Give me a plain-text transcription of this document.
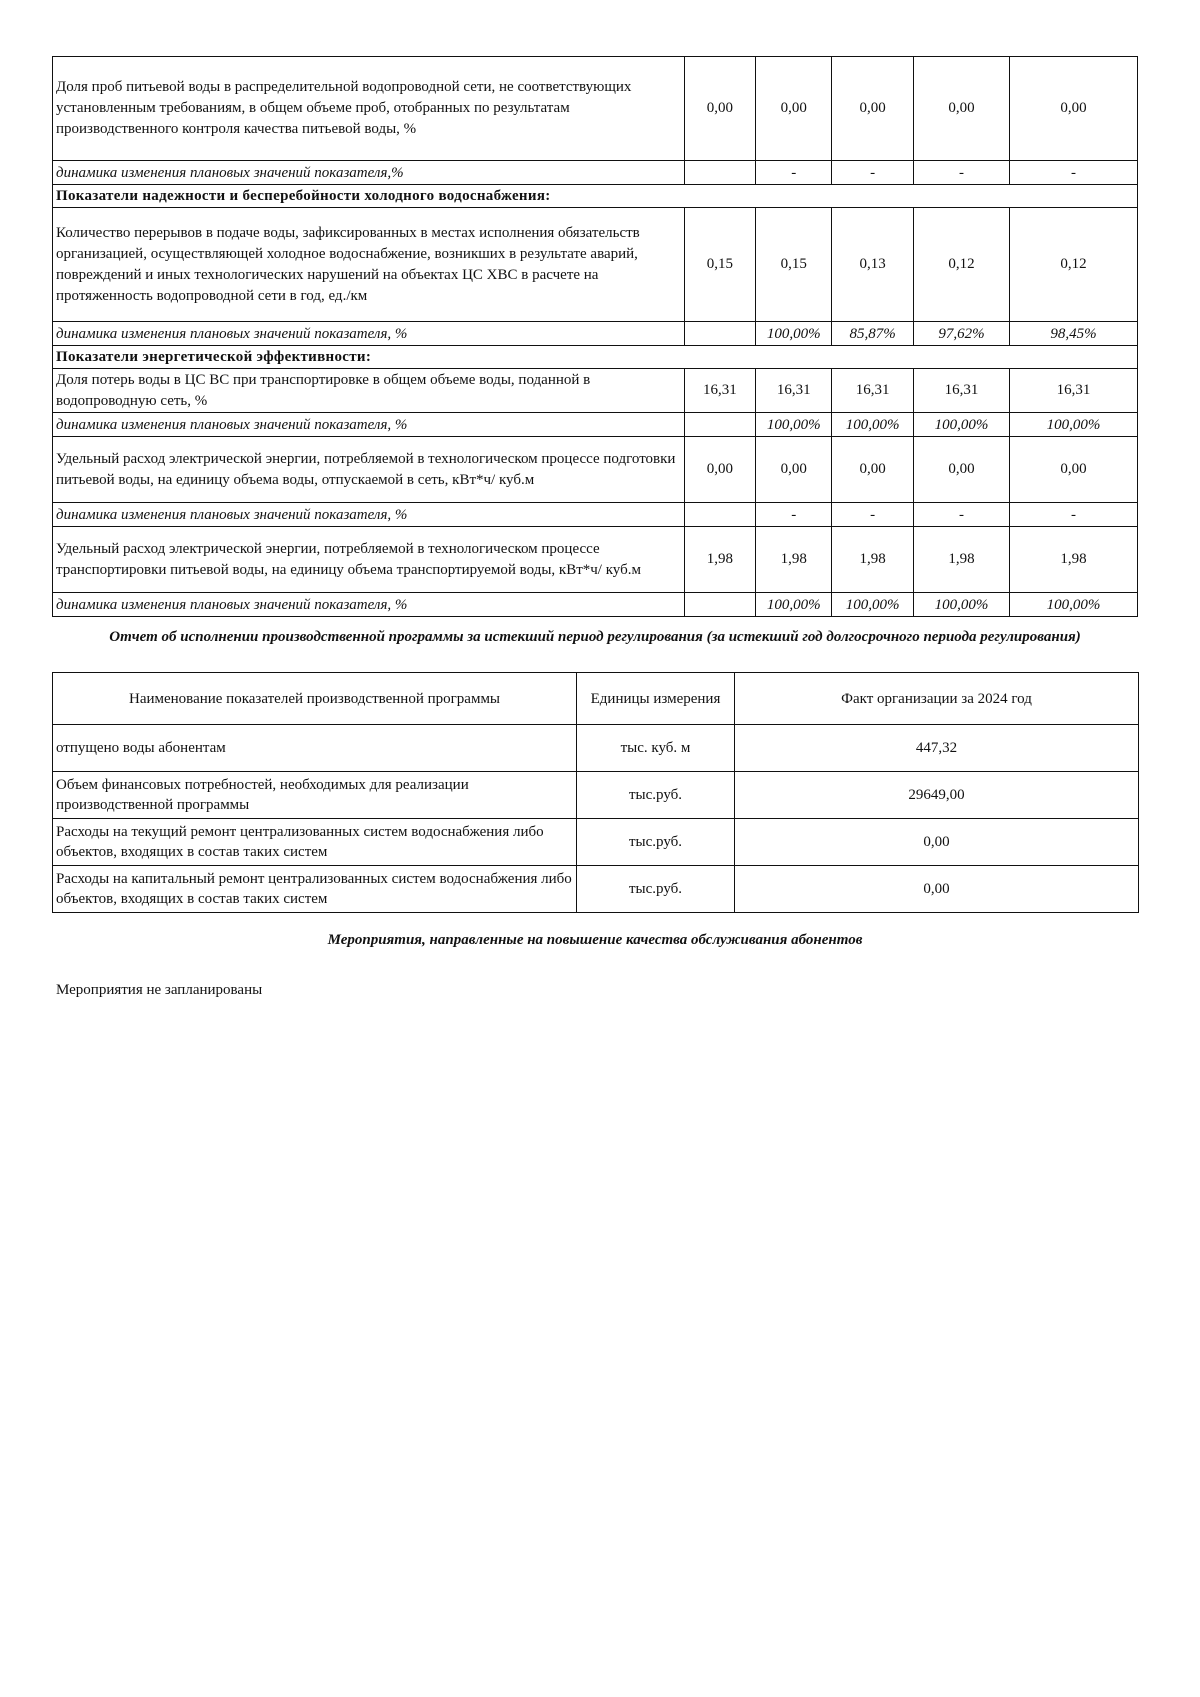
Доля проб питьевой воды в распределительной водопроводной сети, не соответствующих установленным требованиям, в общем объеме проб, отобранных по результатам производственного контроля качества питьевой воды, %	0,00	0,00	0,00	0,00	0,00
динамика изменения плановых значений показателя,%		-	-	-	-
Показатели надежности и бесперебойности холодного водоснабжения:					
Количество перерывов в подаче воды, зафиксированных в местах исполнения обязательств организацией, осуществляющей холодное водоснабжение, возникших в результате аварий, повреждений и иных технологических нарушений на объектах ЦС ХВС в расчете на протяженность водопроводной сети в год, ед./км	0,15	0,15	0,13	0,12	0,12
динамика изменения плановых значений показателя, %		100,00%	85,87%	97,62%	98,45%
Показатели энергетической эффективности:					
Доля потерь воды в ЦС ВС при транспортировке в общем объеме воды, поданной в водопроводную сеть, %	16,31	16,31	16,31	16,31	16,31
динамика изменения плановых значений показателя, %		100,00%	100,00%	100,00%	100,00%
Удельный расход электрической энергии, потребляемой в технологическом процессе подготовки питьевой воды, на единицу объема воды, отпускаемой в сеть, кВт*ч/ куб.м	0,00	0,00	0,00	0,00	0,00
динамика изменения плановых значений показателя, %		-	-	-	-
Удельный расход электрической энергии, потребляемой в технологическом процессе транспортировки питьевой воды, на единицу объема транспортируемой воды, кВт*ч/ куб.м	1,98	1,98	1,98	1,98	1,98
динамика изменения плановых значений показателя, %		100,00%	100,00%	100,00%	100,00%
Отчет об исполнении производственной программы за истекший период регулирования (за истекший год долгосрочного периода регулирования)
Наименование показателей производственной программы	Единицы измерения	Факт организации за 2024 год
отпущено воды абонентам	тыс. куб. м	447,32
Объем финансовых потребностей, необходимых для реализации производственной программы	тыс.руб.	29649,00
Расходы на текущий ремонт централизованных систем водоснабжения либо объектов, входящих в состав таких систем	тыс.руб.	0,00
Расходы на капитальный ремонт централизованных систем водоснабжения либо объектов, входящих в состав таких систем	тыс.руб.	0,00
Мероприятия, направленные на повышение качества обслуживания абонентов
Мероприятия не запланированы
